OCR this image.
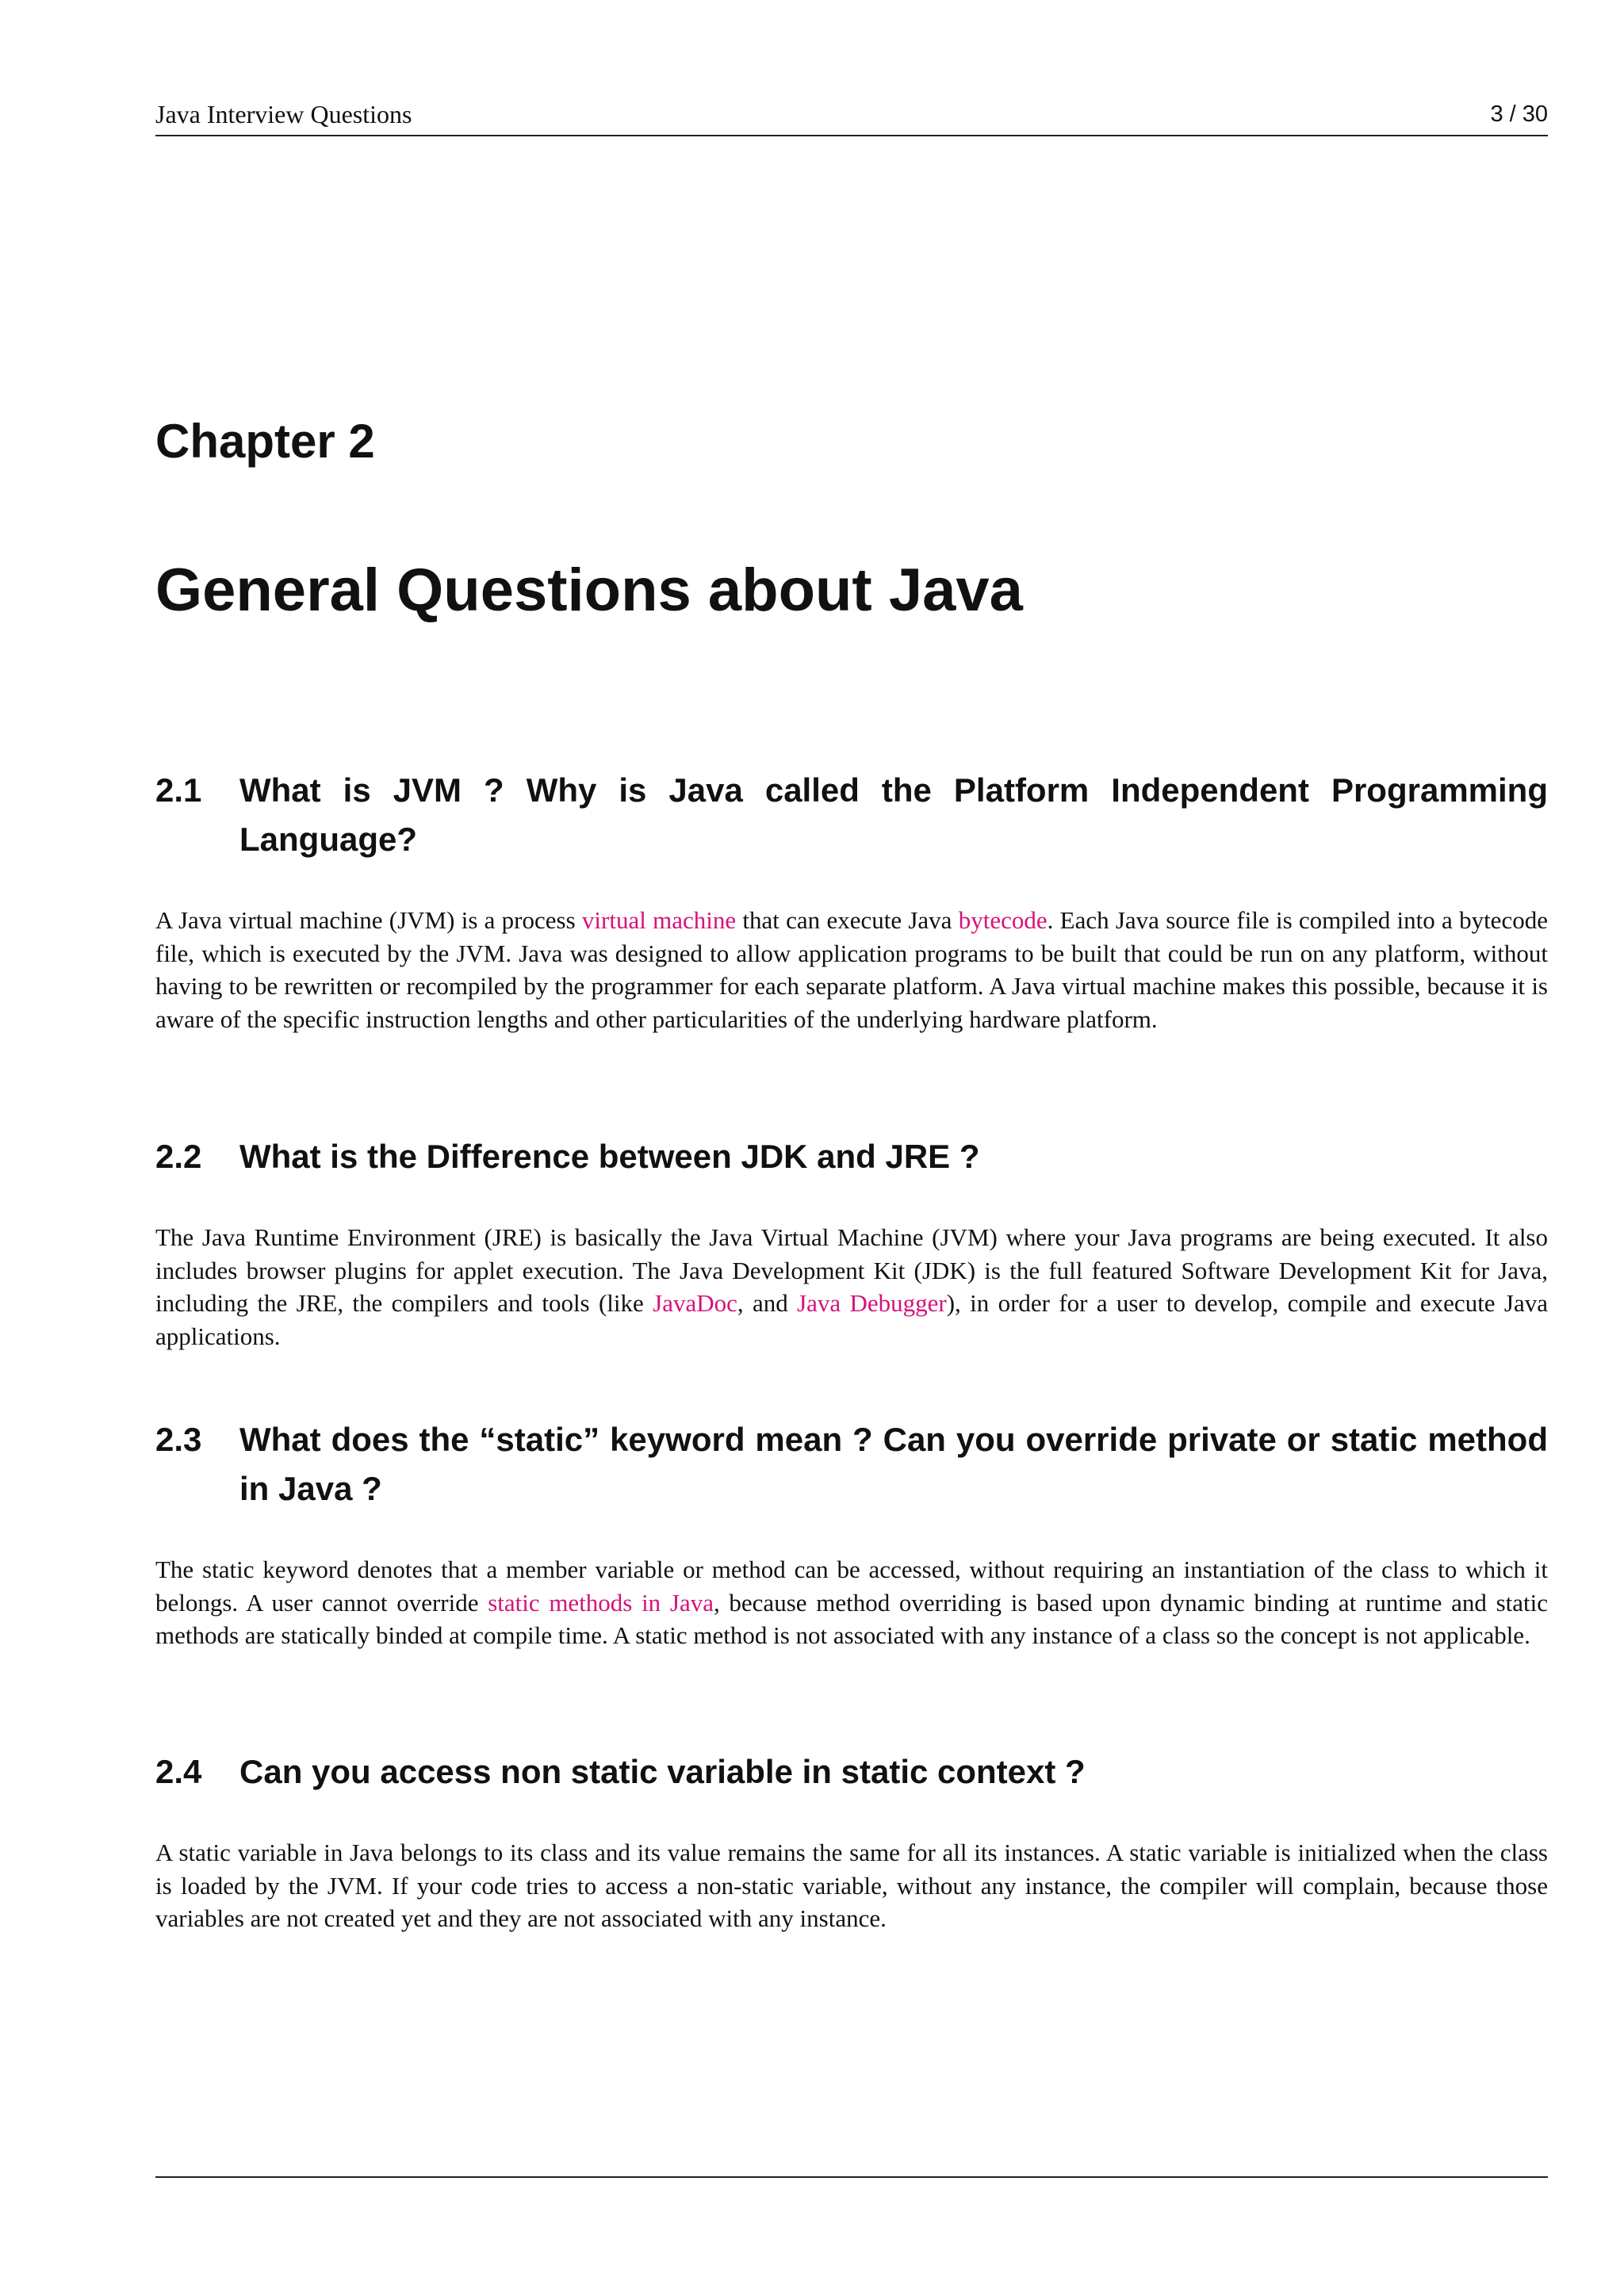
Java Interview Questions	3 / 30
Chapter 2
General Questions about Java
2.1	What is JVM ? Why is Java called the Platform Independent Programming Language?

A Java virtual machine (JVM) is a process virtual machine that can execute Java bytecode. Each Java source file is compiled into a bytecode file, which is executed by the JVM. Java was designed to allow application programs to be built that could be run on any platform, without having to be rewritten or recompiled by the programmer for each separate platform. A Java virtual machine makes this possible, because it is aware of the specific instruction lengths and other particularities of the underlying hardware platform.

2.2	What is the Difference between JDK and JRE ?

The Java Runtime Environment (JRE) is basically the Java Virtual Machine (JVM) where your Java programs are being executed. It also includes browser plugins for applet execution. The Java Development Kit (JDK) is the full featured Software Development Kit for Java, including the JRE, the compilers and tools (like JavaDoc, and Java Debugger), in order for a user to develop, compile and execute Java applications.

2.3	What does the “static” keyword mean ? Can you override private or static method in Java ?

The static keyword denotes that a member variable or method can be accessed, without requiring an instantiation of the class to which it belongs. A user cannot override static methods in Java, because method overriding is based upon dynamic binding at runtime and static methods are statically binded at compile time. A static method is not associated with any instance of a class so the concept is not applicable.

2.4	Can you access non static variable in static context ?

A static variable in Java belongs to its class and its value remains the same for all its instances. A static variable is initialized when the class is loaded by the JVM. If your code tries to access a non-static variable, without any instance, the compiler will complain, because those variables are not created yet and they are not associated with any instance.
